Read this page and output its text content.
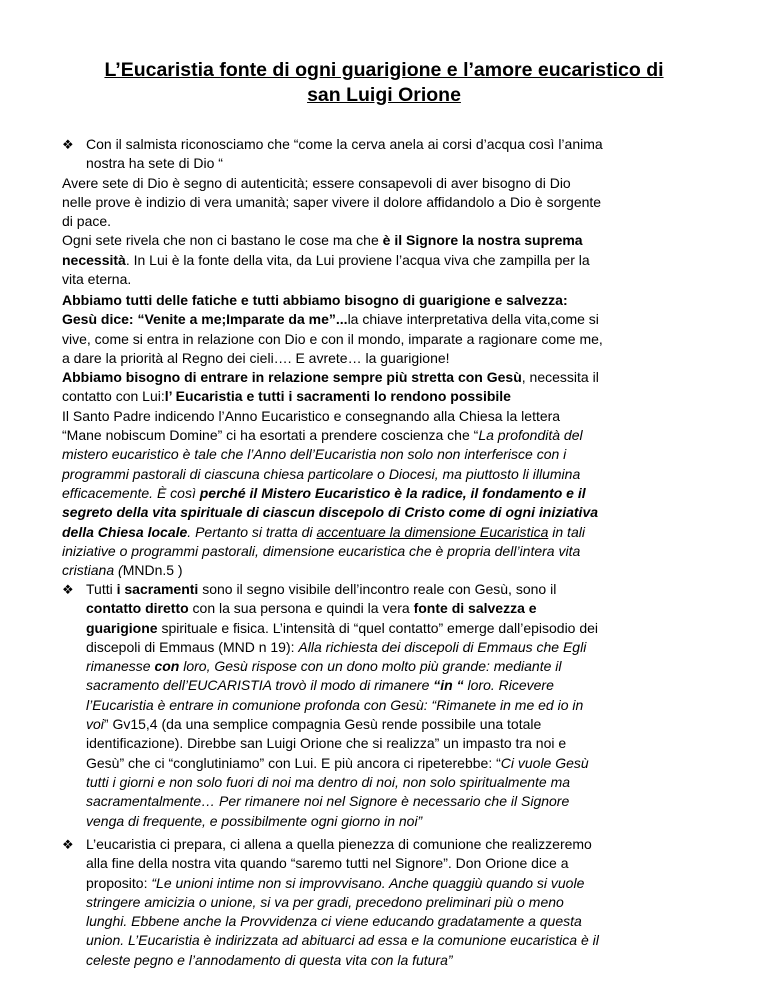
L’Eucaristia fonte di ogni guarigione e l’amore eucaristico di
san Luigi Orione
❖ Con il salmista riconosciamo che “come la cerva anela ai corsi d’acqua così l’anima
nostra ha sete di Dio “
Avere sete di Dio è segno di autenticità; essere consapevoli di aver bisogno di Dio
nelle prove è indizio di vera umanità; saper vivere il dolore affidandolo a Dio è sorgente
di pace.
Ogni sete rivela che non ci bastano le cose ma che è il Signore la nostra suprema
necessità. In Lui è la fonte della vita, da Lui proviene l’acqua viva che zampilla per la
vita eterna.
Abbiamo tutti delle fatiche e tutti abbiamo bisogno di guarigione e salvezza:
Gesù dice: “Venite a me;Imparate da me”...la chiave interpretativa della vita,come si
vive, come si entra in relazione con Dio e con il mondo, imparate a ragionare come me,
a dare la priorità al Regno dei cieli…. E avrete… la guarigione!
Abbiamo bisogno di entrare in relazione sempre più stretta con Gesù, necessita il
contatto con Lui:l’ Eucaristia e tutti i sacramenti lo rendono possibile
Il Santo Padre indicendo l’Anno Eucaristico e consegnando alla Chiesa la lettera
“Mane nobiscum Domine” ci ha esortati a prendere coscienza che “La profondità del
mistero eucaristico è tale che l’Anno dell’Eucaristia non solo non interferisce con i
programmi pastorali di ciascuna chiesa particolare o Diocesi, ma piuttosto li illumina
efficacemente. È così perché il Mistero Eucaristico è la radice, il fondamento e il
segreto della vita spirituale di ciascun discepolo di Cristo come di ogni iniziativa
della Chiesa locale. Pertanto si tratta di accentuare la dimensione Eucaristica in tali
iniziative o programmi pastorali, dimensione eucaristica che è propria dell’intera vita
cristiana (MNDn.5 )
❖ Tutti i sacramenti sono il segno visibile dell’incontro reale con Gesù, sono il
contatto diretto con la sua persona e quindi la vera fonte di salvezza e
guarigione spirituale e fisica. L’intensità di “quel contatto” emerge dall’episodio dei
discepoli di Emmaus (MND n 19): Alla richiesta dei discepoli di Emmaus che Egli
rimanesse con loro, Gesù rispose con un dono molto più grande: mediante il
sacramento dell’EUCARISTIA trovò il modo di rimanere “in “ loro. Ricevere
l’Eucaristia è entrare in comunione profonda con Gesù: “Rimanete in me ed io in
voi” Gv15,4 (da una semplice compagnia Gesù rende possibile una totale
identificazione). Direbbe san Luigi Orione che si realizza” un impasto tra noi e
Gesù” che ci “conglutiniamo” con Lui. E più ancora ci ripeterebbe: “Ci vuole Gesù
tutti i giorni e non solo fuori di noi ma dentro di noi, non solo spiritualmente ma
sacramentalmente… Per rimanere noi nel Signore è necessario che il Signore
venga di frequente, e possibilmente ogni giorno in noi”
❖ L’eucaristia ci prepara, ci allena a quella pienezza di comunione che realizzeremo
alla fine della nostra vita quando “saremo tutti nel Signore”. Don Orione dice a
proposito: “Le unioni intime non si improvvisano. Anche quaggiù quando si vuole
stringere amicizia o unione, si va per gradi, precedono preliminari più o meno
lunghi. Ebbene anche la Provvidenza ci viene educando gradatamente a questa
union. L’Eucaristia è indirizzata ad abituarci ad essa e la comunione eucaristica è il
celeste pegno e l’annodamento di questa vita con la futura”
